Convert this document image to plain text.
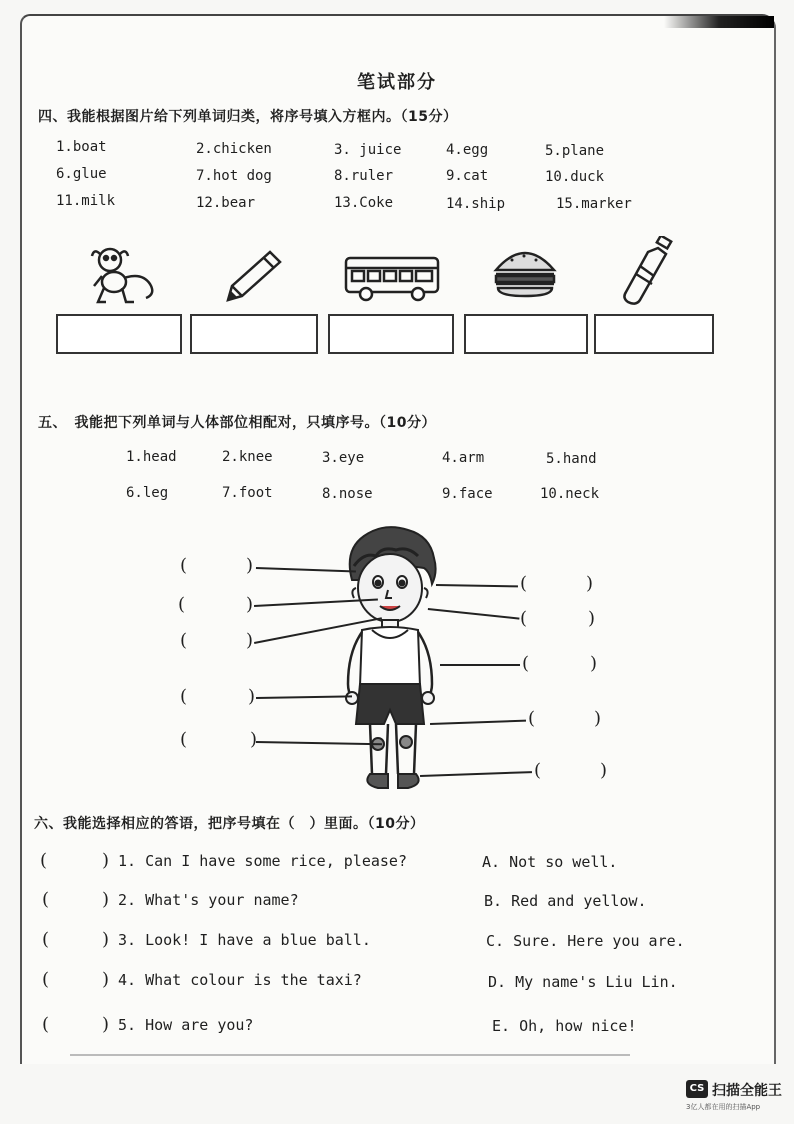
笔试部分
四、我能根据图片给下列单词归类，将序号填入方框内。（15分）
1.boat	2.chicken	3. juice	4.egg	5.plane
6.glue	7.hot dog	8.ruler	9.cat	10.duck
11.milk	12.bear	13.Coke	14.ship	15.marker
五、　我能把下列单词与人体部位相配对，只填序号。（10分）
1.head	2.knee	3.eye	4.arm	5.hand
6.leg	7.foot	8.nose	9.face	10.neck
(	)
(	)
(	)
(	)
(	)
(	)
(	)
(	)
(	)
(	)
六、我能选择相应的答语，把序号填在（　）里面。（10分）
(	) 1. Can I have some rice, please?	A. Not so well.
(	) 2. What's your name?	B. Red and yellow.
(	) 3. Look! I have a blue ball.	C. Sure. Here you are.
(	) 4. What colour is the taxi?	D. My name's Liu Lin.
(	) 5. How are you?	E. Oh, how nice!
CS 扫描全能王
3亿人都在用的扫描App
